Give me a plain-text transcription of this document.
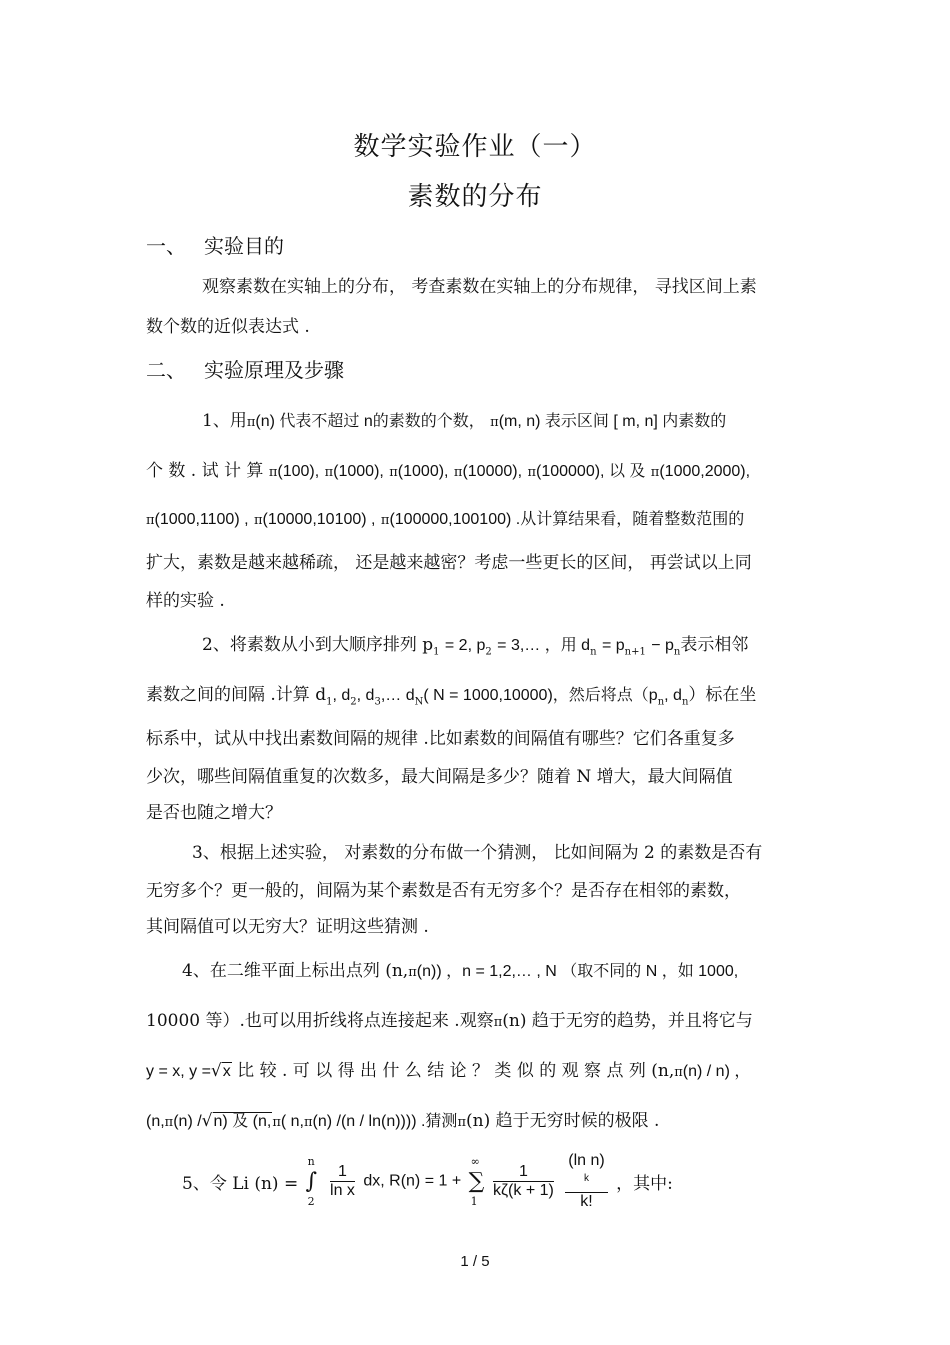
数学实验作业（一）
素数的分布
一、 实验目的
观察素数在实轴上的分布， 考查素数在实轴上的分布规律， 寻找区间上素
数个数的近似表达式 .
二、 实验原理及步骤
1、用π(n) 代表不超过 n的素数的个数， π(m, n) 表示区间 [ m, n] 内素数的
个 数 . 试 计 算 π(100), π(1000), π(1000), π(10000), π(100000), 以 及 π(1000,2000),
π(1000,1100) , π(10000,10100) , π(100000,100100) .从计算结果看，随着整数范围的
扩大，素数是越来越稀疏， 还是越来越密？考虑一些更长的区间， 再尝试以上同
样的实验 .
2、将素数从小到大顺序排列 $p_1 = 2$, $p_2$ = 3,… ，用 $d_n = p_{n+1} - p_n$表示相邻
素数之间的间隔 .计算 $d_1$, $d_2$, $d_3,\dots$ $d_N$( N = 1000,10000)，然后将点（$p_n$, $d_n$）标在坐
标系中，试从中找出素数间隔的规律 .比如素数的间隔值有哪些？它们各重复多
少次，哪些间隔值重复的次数多，最大间隔是多少？随着 N 增大，最大间隔值
是否也随之增大？
3、根据上述实验， 对素数的分布做一个猜测， 比如间隔为 2 的素数是否有
无穷多个？更一般的，间隔为某个素数是否有无穷多个？是否存在相邻的素数，
其间隔值可以无穷大？证明这些猜测 .
4、在二维平面上标出点列 (n,π(n)) ，n = 1,2,… , N （取不同的 N ，如 1000,
10000 等）.也可以用折线将点连接起来 .观察π(n) 趋于无穷的趋势，并且将它与
y = x, y =√x 比 较 . 可 以 得 出 什 么 结 论 ？ 类 似 的 观 察 点 列 (n,π(n) / n) ，
(n,π(n) /√n) 及 (n,π( n,π(n) /(n / ln(n)))) .猜测π(n) 趋于无穷时候的极限 .
5、令 Li (n) =
n
∫
2

$\frac{1}{\text{ln x}}$ dx, R(n) = 1 +
∞
∑
1

$\frac{1}{k\zeta(k + 1)}$
(ln n)
$^k$
k! ，其中:
1 / 5
